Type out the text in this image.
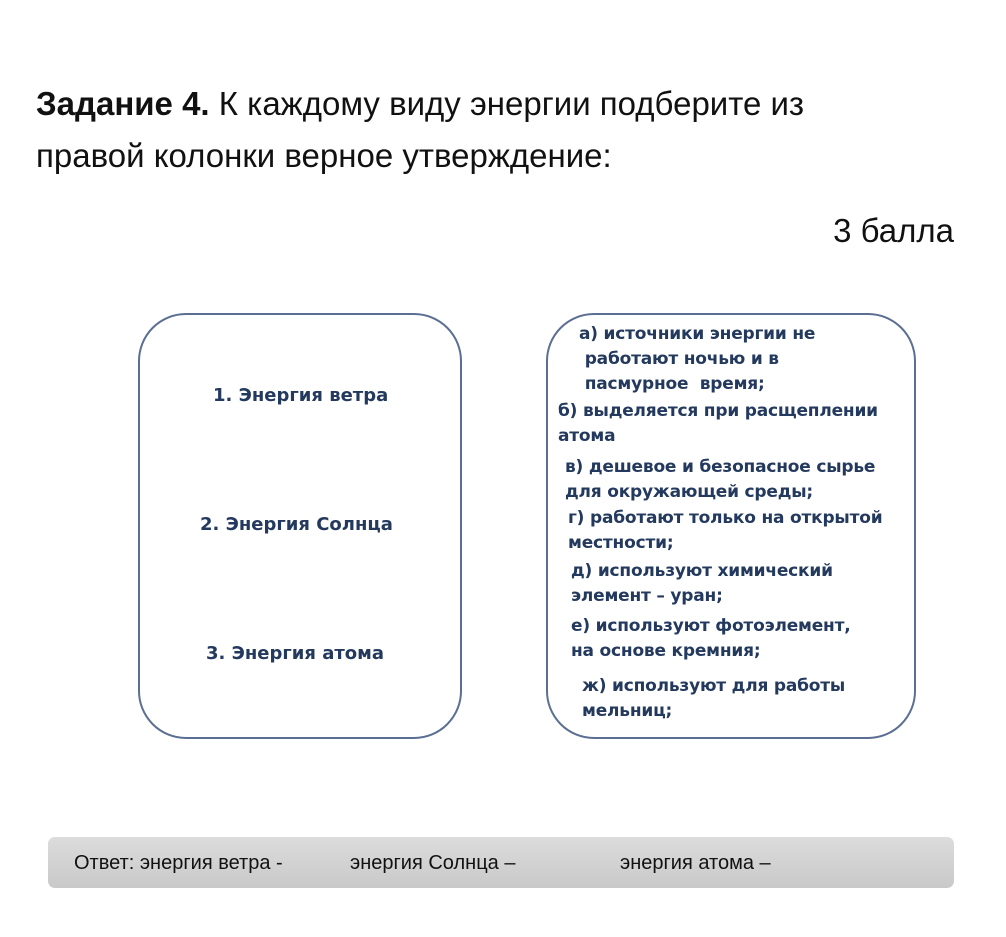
Задание 4. К каждому виду энергии подберите из
правой колонки верное утверждение:
3 балла
1. Энергия ветра
2. Энергия Солнца
3. Энергия атома
а) источники энергии не
работают ночью и в
пасмурное  время;
б) выделяется при расщеплении
атома
в) дешевое и безопасное сырье
для окружающей среды;
г) работают только на открытой
местности;
д) используют химический
элемент – уран;
е) используют фотоэлемент,
на основе кремния;
ж) используют для работы
мельниц;
Ответ: энергия ветра -	энергия Солнца –	энергия атома –
